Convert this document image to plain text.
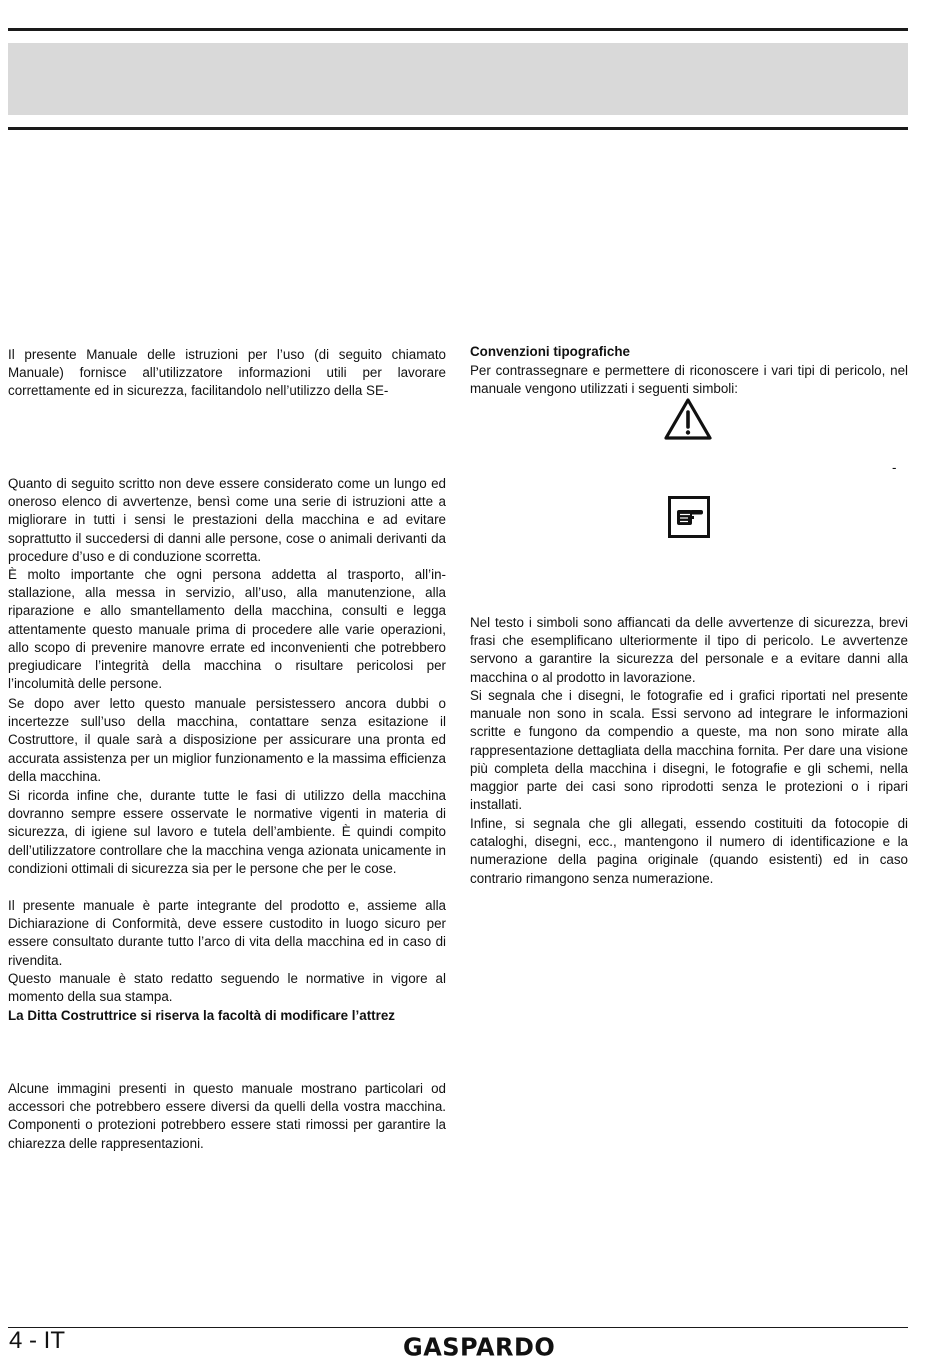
Il presente Manuale delle istruzioni per l’uso (di seguito chiamato Manuale) fornisce all’utilizzatore informazioni utili per lavorare correttamente ed in sicurezza, facilitandolo nell’utilizzo della SE-

Quanto di seguito scritto non deve essere considerato come un lungo ed oneroso elenco di avvertenze, bensì come una serie di istruzioni atte a migliorare in tutti i sensi le prestazioni della macchina e ad evitare soprattutto il succedersi di danni alle persone, cose o animali derivanti da procedure d’uso e di conduzione scorretta.

È molto importante che ogni persona addetta al trasporto, all’installazione, alla messa in servizio, all’uso, alla manutenzione, alla riparazione e allo smantellamento della macchina, consulti e legga attentamente questo manuale prima di procedere alle varie operazioni, allo scopo di prevenire manovre errate ed inconvenienti che potrebbero pregiudicare l’integrità della macchina o risultare pericolosi per l’incolumità delle persone.

Se dopo aver letto questo manuale persistessero ancora dubbi o incertezze sull’uso della macchina, contattare senza esitazione il Costruttore, il quale sarà a disposizione per assicurare una pronta ed accurata assistenza per un miglior funzionamento e la massima efficienza della macchina.

Si ricorda infine che, durante tutte le fasi di utilizzo della macchina dovranno sempre essere osservate le normative vigenti in materia di sicurezza, di igiene sul lavoro e tutela dell’ambiente. È quindi compito dell’utilizzatore controllare che la macchina venga azionata unicamente in condizioni ottimali di sicurezza sia per le persone che per le cose.

Il presente manuale è parte integrante del prodotto e, assieme alla Dichiarazione di Conformità, deve essere custodito in luogo sicuro per essere consultato durante tutto l’arco di vita della macchina ed in caso di rivendita.

Questo manuale è stato redatto seguendo le normative in vigore al momento della sua stampa.

La Ditta Costruttrice si riserva la facoltà di modificare l’attrez

Alcune immagini presenti in questo manuale mostrano particolari od accessori che potrebbero essere diversi da quelli della vostra macchina. Componenti o protezioni potrebbero essere stati rimossi per garantire la chiarezza delle rappresentazioni.

Convenzioni tipografiche

Per contrassegnare e permettere di riconoscere i vari tipi di pericolo, nel manuale vengono utilizzati i seguenti simboli:

-

Nel testo i simboli sono affiancati da delle avvertenze di sicurezza, brevi frasi che esemplificano ulteriormente il tipo di pericolo. Le avvertenze servono a garantire la sicurezza del personale e a evitare danni alla macchina o al prodotto in lavorazione.

Si segnala che i disegni, le fotografie ed i grafici riportati nel presente manuale non sono in scala. Essi servono ad integrare le informazioni scritte e fungono da compendio a queste, ma non sono mirate alla rappresentazione dettagliata della macchina fornita. Per dare una visione più completa della macchina i disegni, le fotografie e gli schemi, nella maggior parte dei casi sono riprodotti senza le protezioni o i ripari installati.

Infine, si segnala che gli allegati, essendo costituiti da fotocopie di cataloghi, disegni, ecc., mantengono il numero di identificazione e la numerazione della pagina originale (quando esistenti) ed in caso contrario rimangono senza numerazione.

4 - IT	GASPARDO
